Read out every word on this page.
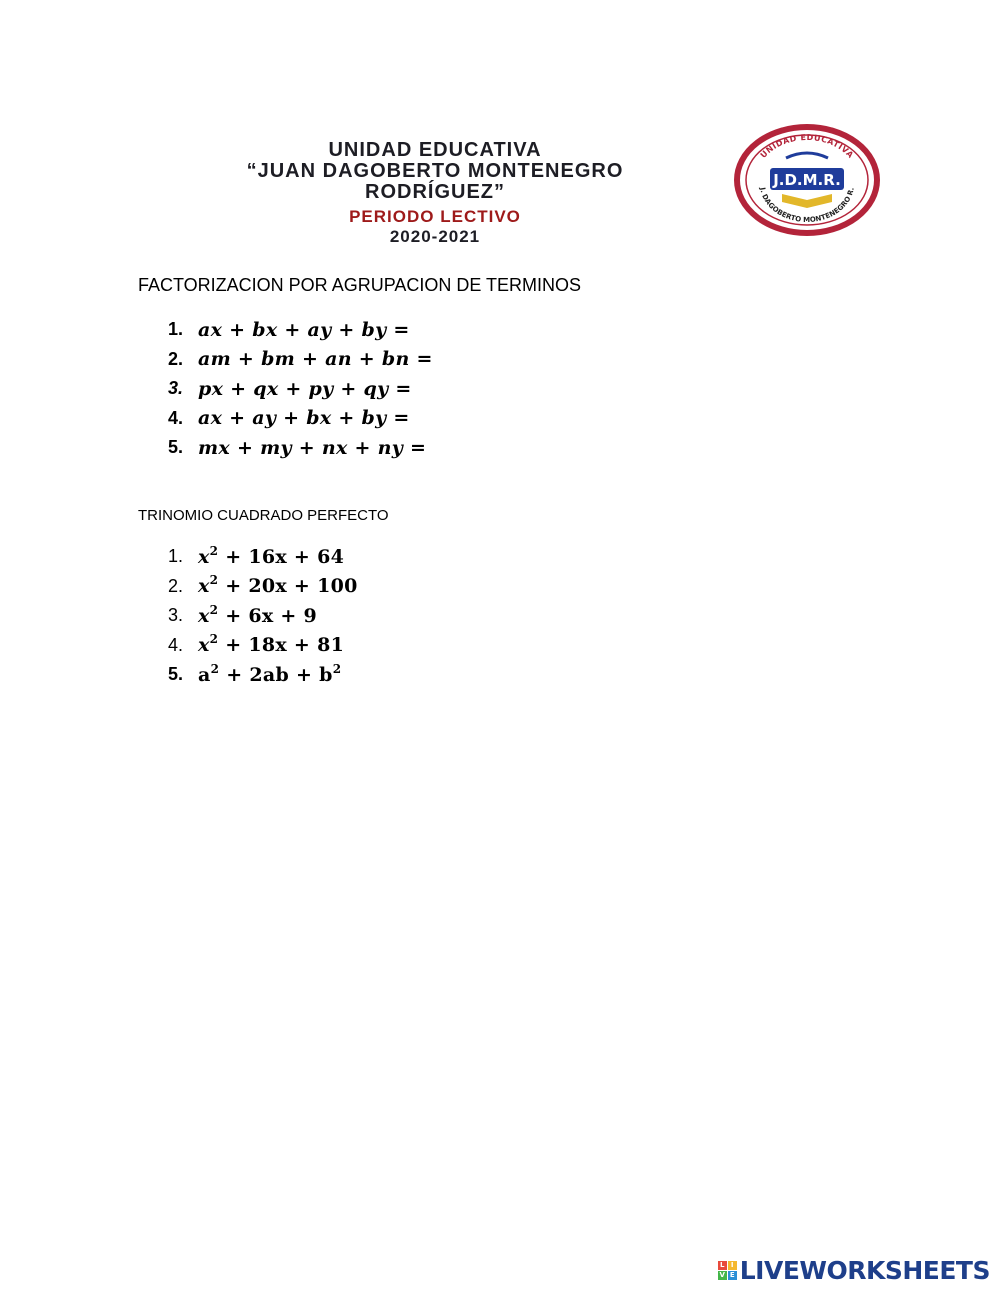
UNIDAD EDUCATIVA
“JUAN DAGOBERTO MONTENEGRO
RODRÍGUEZ”
PERIODO LECTIVO
2020-2021
UNIDAD EDUCATIVA
J. DAGOBERTO MONTENEGRO R.
J.D.M.R.
FACTORIZACION POR AGRUPACION DE TERMINOS
1. ax + bx + ay + by =
2. am + bm + an + bn =
3. px + qx + py + qy =
4. ax + ay + bx + by =
5. mx + my + nx + ny =
TRINOMIO CUADRADO PERFECTO
1. $x^2 + 16x + 64$
2. $x^2 + 20x + 100$
3. $x^2 + 6x + 9$
4. $x^2 + 18x + 81$
5. $a^2 + 2ab + b^2$
L I
V E LIVEWORKSHEETS
